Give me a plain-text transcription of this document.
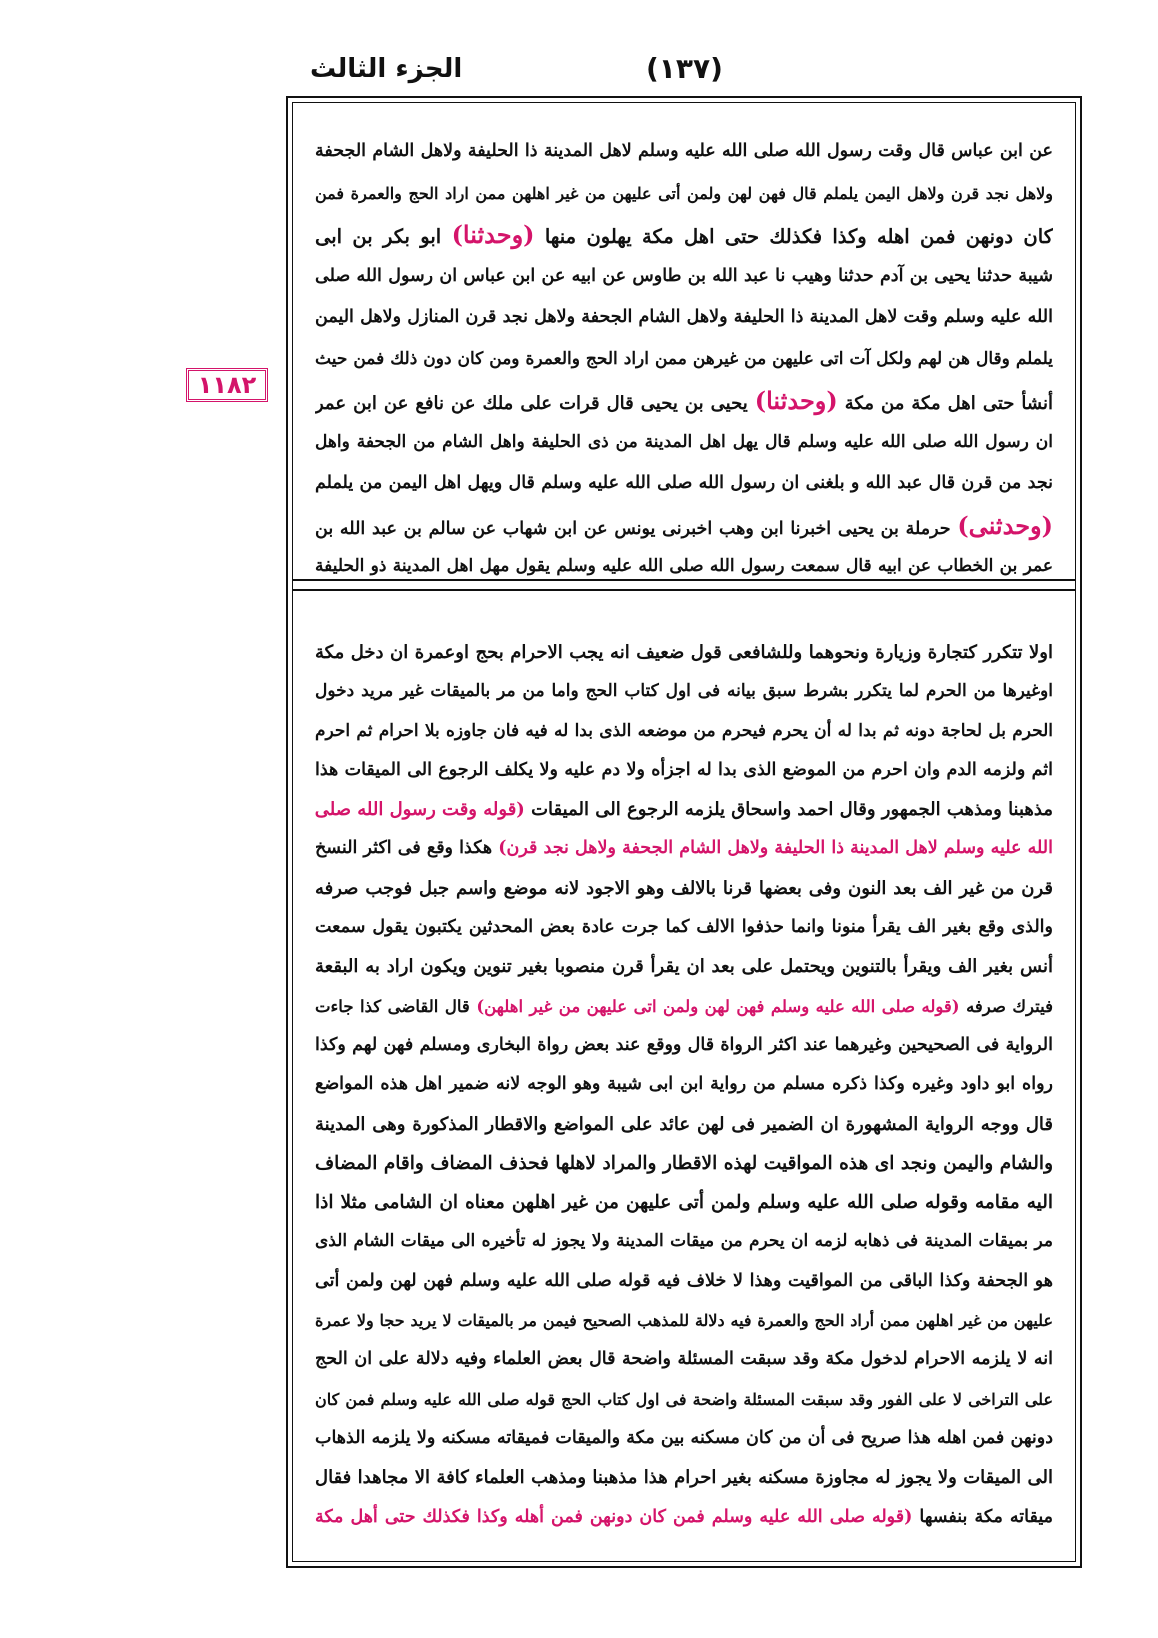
الجزء الثالث	(١٣٧)
١١٨٢
عن ابن عباس قال وقت رسول الله صلى الله عليه وسلم لاهل المدينة ذا الحليفة ولاهل الشام الجحفة
ولاهل نجد قرن ولاهل اليمن يلملم قال فهن لهن ولمن أتى عليهن من غير اهلهن ممن اراد الحج والعمرة فمن
كان دونهن فمن اهله وكذا فكذلك حتى اهل مكة يهلون منها (وحدثنا) ابو بكر بن ابى
شيبة حدثنا يحيى بن آدم حدثنا وهيب نا عبد الله بن طاوس عن ابيه عن ابن عباس ان رسول الله صلى
الله عليه وسلم وقت لاهل المدينة ذا الحليفة ولاهل الشام الجحفة ولاهل نجد قرن المنازل ولاهل اليمن
يلملم وقال هن لهم ولكل آت اتى عليهن من غيرهن ممن اراد الحج والعمرة ومن كان دون ذلك فمن حيث
أنشأ حتى اهل مكة من مكة (وحدثنا) يحيى بن يحيى قال قرات على ملك عن نافع عن ابن عمر
ان رسول الله صلى الله عليه وسلم قال يهل اهل المدينة من ذى الحليفة واهل الشام من الجحفة واهل
نجد من قرن قال عبد الله و بلغنى ان رسول الله صلى الله عليه وسلم قال ويهل اهل اليمن من يلملم
(وحدثنى) حرملة بن يحيى اخبرنا ابن وهب اخبرنى يونس عن ابن شهاب عن سالم بن عبد الله بن
عمر بن الخطاب عن ابيه قال سمعت رسول الله صلى الله عليه وسلم يقول مهل اهل المدينة ذو الحليفة
اولا تتكرر كتجارة وزيارة ونحوهما وللشافعى قول ضعيف انه يجب الاحرام بحج اوعمرة ان دخل مكة
اوغيرها من الحرم لما يتكرر بشرط سبق بيانه فى اول كتاب الحج واما من مر بالميقات غير مريد دخول
الحرم بل لحاجة دونه ثم بدا له أن يحرم فيحرم من موضعه الذى بدا له فيه فان جاوزه بلا احرام ثم احرم
اثم ولزمه الدم وان احرم من الموضع الذى بدا له اجزأه ولا دم عليه ولا يكلف الرجوع الى الميقات هذا
مذهبنا ومذهب الجمهور وقال احمد واسحاق يلزمه الرجوع الى الميقات (قوله وقت رسول الله صلى
الله عليه وسلم لاهل المدينة ذا الحليفة ولاهل الشام الجحفة ولاهل نجد قرن) هكذا وقع فى اكثر النسخ
قرن من غير الف بعد النون وفى بعضها قرنا بالالف وهو الاجود لانه موضع واسم جبل فوجب صرفه
والذى وقع بغير الف يقرأ منونا وانما حذفوا الالف كما جرت عادة بعض المحدثين يكتبون يقول سمعت
أنس بغير الف ويقرأ بالتنوين ويحتمل على بعد ان يقرأ قرن منصوبا بغير تنوين ويكون اراد به البقعة
فيترك صرفه (قوله صلى الله عليه وسلم فهن لهن ولمن اتى عليهن من غير اهلهن) قال القاضى كذا جاءت
الرواية فى الصحيحين وغيرهما عند اكثر الرواة قال ووقع عند بعض رواة البخارى ومسلم فهن لهم وكذا
رواه ابو داود وغيره وكذا ذكره مسلم من رواية ابن ابى شيبة وهو الوجه لانه ضمير اهل هذه المواضع
قال ووجه الرواية المشهورة ان الضمير فى لهن عائد على المواضع والاقطار المذكورة وهى المدينة
والشام واليمن ونجد اى هذه المواقيت لهذه الاقطار والمراد لاهلها فحذف المضاف واقام المضاف
اليه مقامه وقوله صلى الله عليه وسلم ولمن أتى عليهن من غير اهلهن معناه ان الشامى مثلا اذا
مر بميقات المدينة فى ذهابه لزمه ان يحرم من ميقات المدينة ولا يجوز له تأخيره الى ميقات الشام الذى
هو الجحفة وكذا الباقى من المواقيت وهذا لا خلاف فيه قوله صلى الله عليه وسلم فهن لهن ولمن أتى
عليهن من غير اهلهن ممن أراد الحج والعمرة فيه دلالة للمذهب الصحيح فيمن مر بالميقات لا يريد حجا ولا عمرة
انه لا يلزمه الاحرام لدخول مكة وقد سبقت المسئلة واضحة قال بعض العلماء وفيه دلالة على ان الحج
على التراخى لا على الفور وقد سبقت المسئلة واضحة فى اول كتاب الحج قوله صلى الله عليه وسلم فمن كان
دونهن فمن اهله هذا صريح فى أن من كان مسكنه بين مكة والميقات فميقاته مسكنه ولا يلزمه الذهاب
الى الميقات ولا يجوز له مجاوزة مسكنه بغير احرام هذا مذهبنا ومذهب العلماء كافة الا مجاهدا فقال
ميقاته مكة بنفسها (قوله صلى الله عليه وسلم فمن كان دونهن فمن أهله وكذا فكذلك حتى أهل مكة
